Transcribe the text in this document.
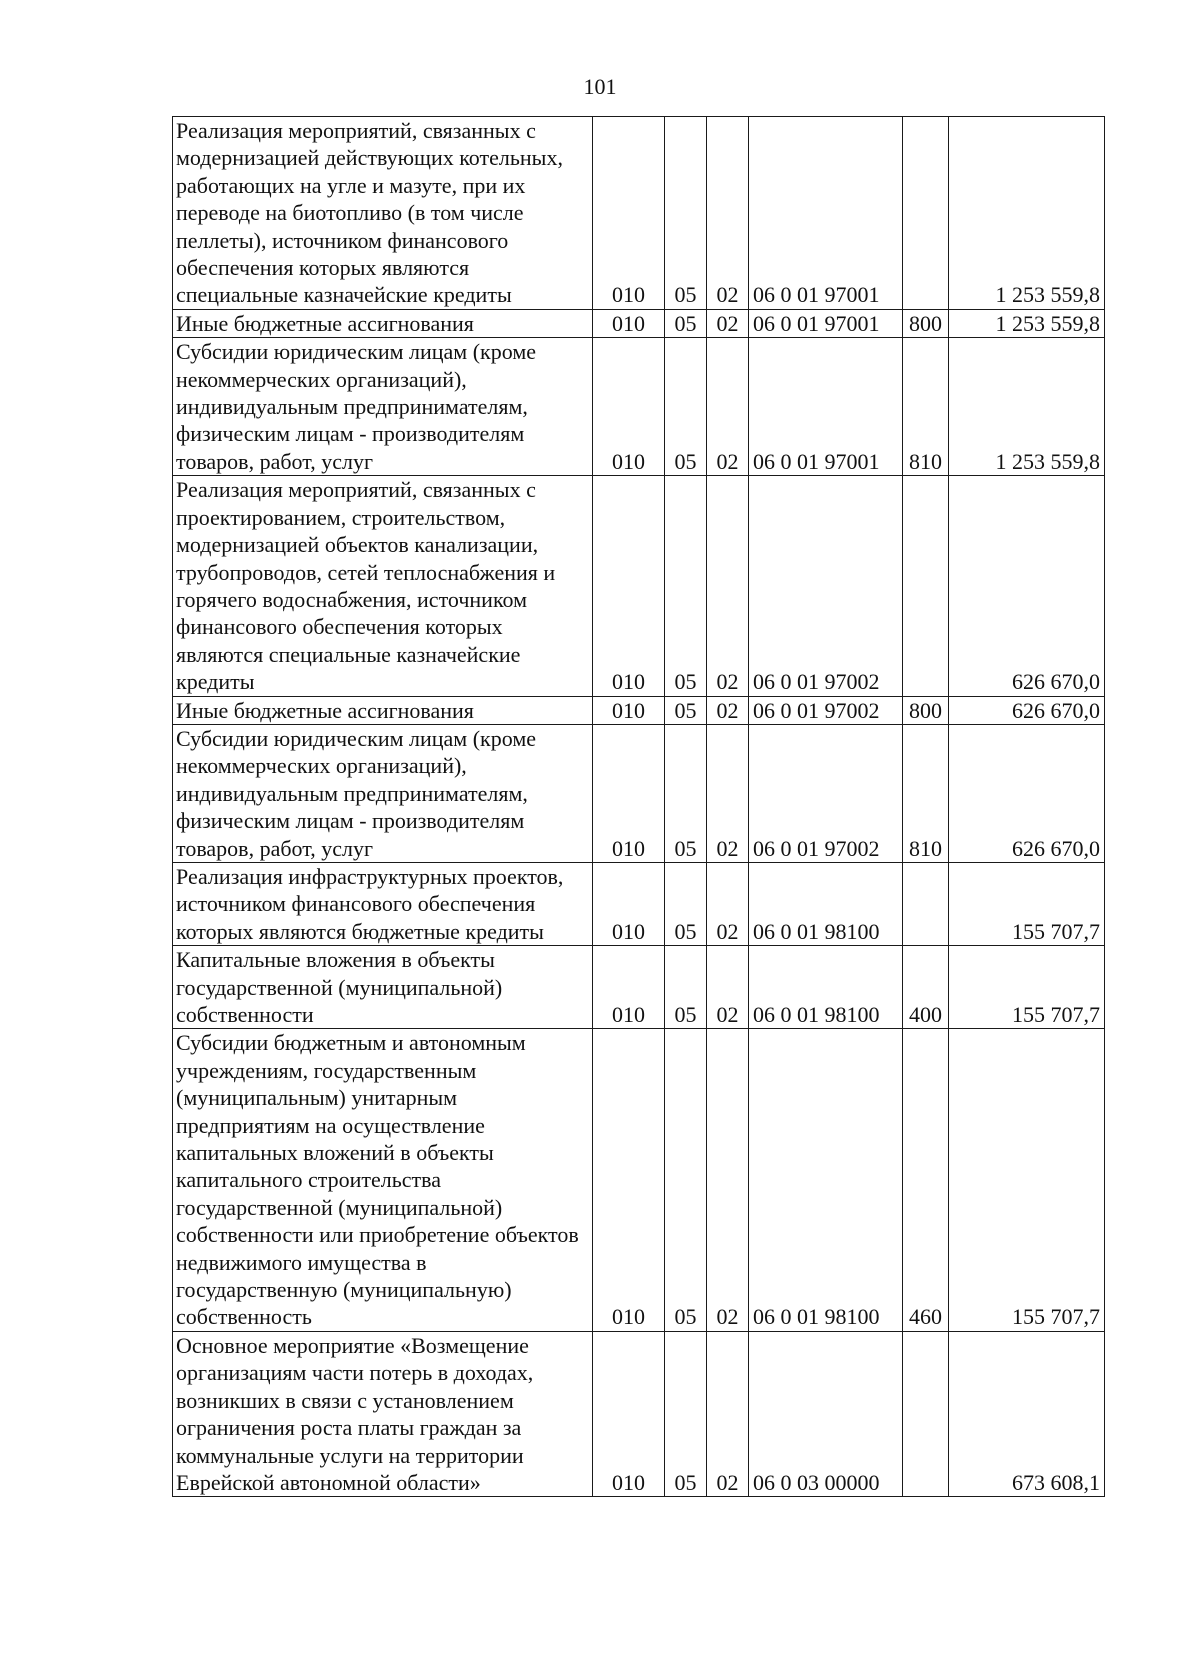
101
Реализация мероприятий, связанных с модернизацией действующих котельных, работающих на угле и мазуте, при их переводе на биотопливо (в том числе пеллеты), источником финансового обеспечения которых являются специальные казначейские кредиты	010	05	02	06 0 01 97001		1 253 559,8
Иные бюджетные ассигнования	010	05	02	06 0 01 97001	800	1 253 559,8
Субсидии юридическим лицам (кроме некоммерческих организаций), индивидуальным предпринимателям, физическим лицам - производителям товаров, работ, услуг	010	05	02	06 0 01 97001	810	1 253 559,8
Реализация мероприятий, связанных с проектированием, строительством, модернизацией объектов канализации, трубопроводов, сетей теплоснабжения и горячего водоснабжения, источником финансового обеспечения которых являются специальные казначейские кредиты	010	05	02	06 0 01 97002		626 670,0
Иные бюджетные ассигнования	010	05	02	06 0 01 97002	800	626 670,0
Субсидии юридическим лицам (кроме некоммерческих организаций), индивидуальным предпринимателям, физическим лицам - производителям товаров, работ, услуг	010	05	02	06 0 01 97002	810	626 670,0
Реализация инфраструктурных проектов, источником финансового обеспечения которых являются бюджетные кредиты	010	05	02	06 0 01 98100		155 707,7
Капитальные вложения в объекты государственной (муниципальной) собственности	010	05	02	06 0 01 98100	400	155 707,7
Субсидии бюджетным и автономным учреждениям, государственным (муниципальным) унитарным предприятиям на осуществление капитальных вложений в объекты капитального строительства государственной (муниципальной) собственности или приобретение объектов недвижимого имущества в государственную (муниципальную) собственность	010	05	02	06 0 01 98100	460	155 707,7
Основное мероприятие «Возмещение организациям части потерь в доходах, возникших в связи с установлением ограничения роста платы граждан за коммунальные услуги на территории Еврейской автономной области»	010	05	02	06 0 03 00000		673 608,1
